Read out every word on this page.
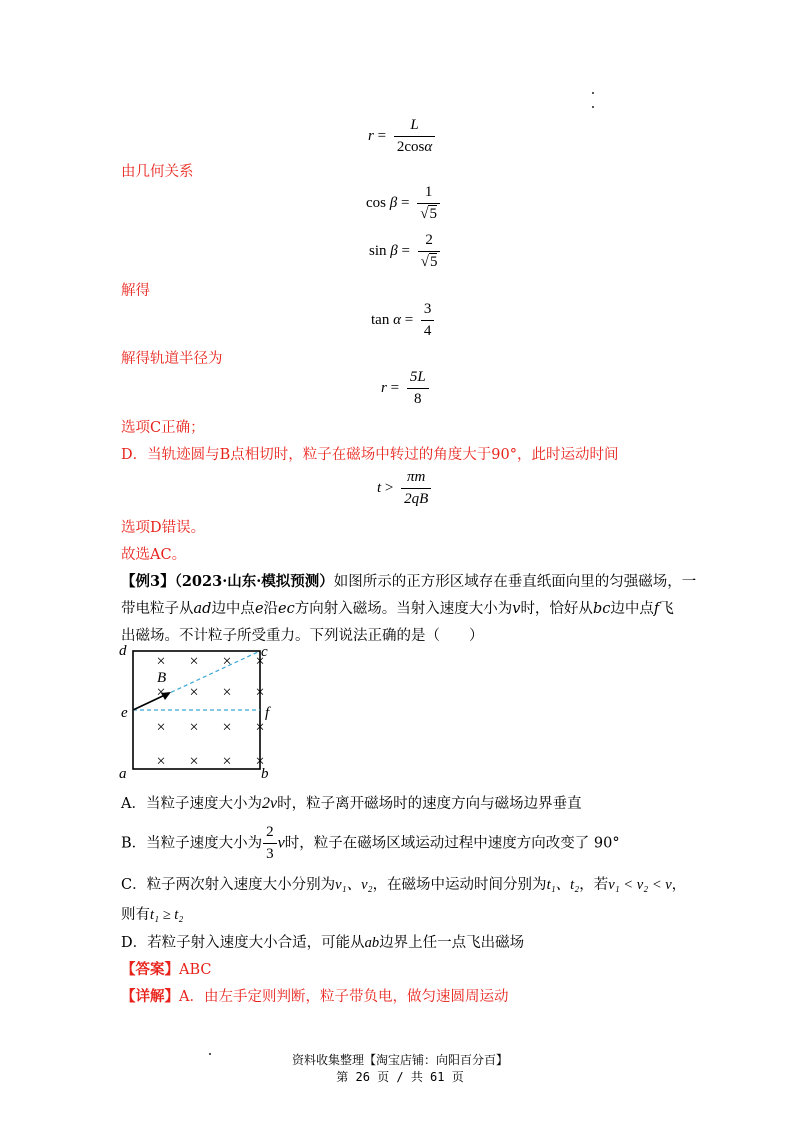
$r = \frac{L}{2\cos\alpha}$
由几何关系
$\cos \beta = \frac{1}{√5}$
$\sin \beta = \frac{2}{√5}$
解得
$\tan \alpha = \frac{3}{4}$
解得轨道半径为
$r = \frac{5L}{8}$
选项C正确；
D．当轨迹圆与B点相切时，粒子在磁场中转过的角度大于90°，此时运动时间
$t > \frac{\pi m}{2qB}$
选项D错误。
故选AC。
【例3】（2023·山东·模拟预测）如图所示的正方形区域存在垂直纸面向里的匀强磁场，一
带电粒子从ad边中点e沿ec方向射入磁场。当射入速度大小为v时，恰好从bc边中点f飞
出磁场。不计粒子所受重力。下列说法正确的是（　　）
× × × ×
× × × ×
× × × ×
× × × ×
d	c
a	b
e	f
B
A．当粒子速度大小为2v时，粒子离开磁场时的速度方向与磁场边界垂直
B．当粒子速度大小为 $\frac{2}{3}$ v时，粒子在磁场区域运动过程中速度方向改变了 90°
C．粒子两次射入速度大小分别为v₁、v₂，在磁场中运动时间分别为t₁、t₂，若v₁ < v₂ < v，
则有t₁ ≥ t₂
D．若粒子射入速度大小合适，可能从ab边界上任一点飞出磁场
【答案】ABC
【详解】A．由左手定则判断，粒子带负电，做匀速圆周运动
资料收集整理【淘宝店铺：向阳百分百】
第 26 页 / 共 61 页
